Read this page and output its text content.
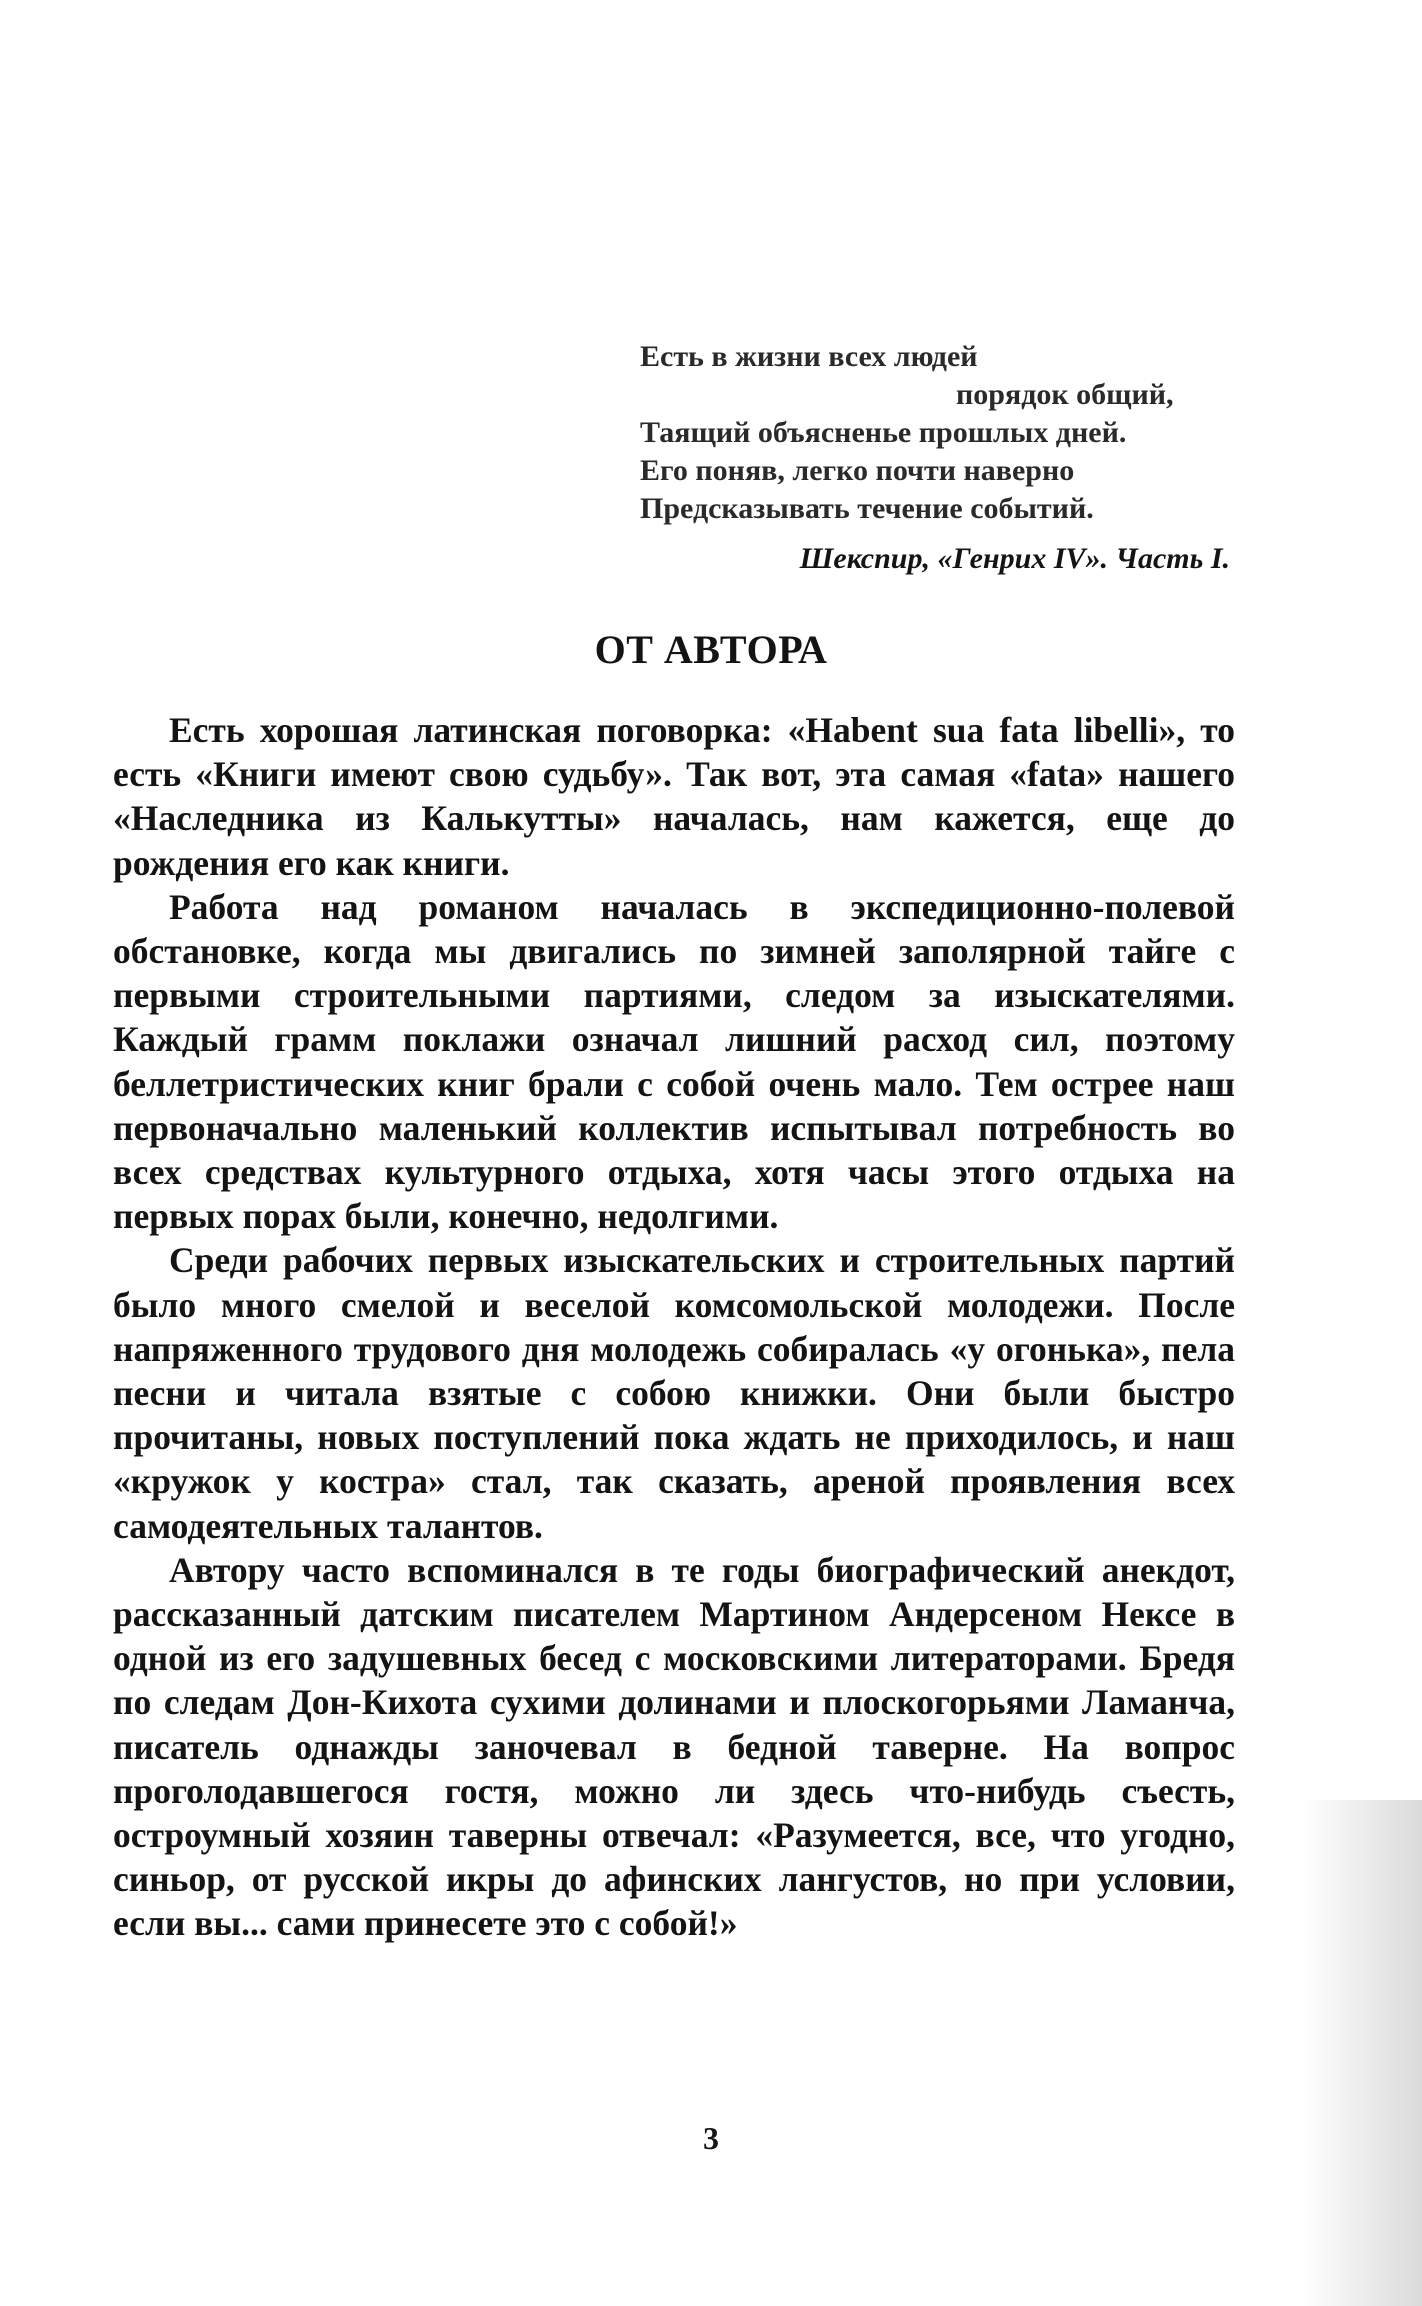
Есть в жизни всех людей
порядок общий,
Таящий объясненье прошлых дней.
Его поняв, легко почти наверно
Предсказывать течение событий.
Шекспир, «Генрих IV». Часть I.
ОТ АВТОРА

Есть хорошая латинская поговорка: «Habent sua fata libelli», то есть «Книги имеют свою судьбу». Так вот, эта самая «fata» нашего «Наследника из Калькутты» началась, нам кажется, еще до рождения его как книги.

Работа над романом началась в экспедиционно-полевой обстановке, когда мы двигались по зимней заполярной тайге с первыми строительными партиями, следом за изыскателями. Каждый грамм поклажи означал лишний расход сил, поэтому беллетристических книг брали с собой очень мало. Тем острее наш первоначально маленький коллектив испытывал потребность во всех средствах культурного отдыха, хотя часы этого отдыха на первых порах были, конечно, недолгими.

Среди рабочих первых изыскательских и строительных партий было много смелой и веселой комсомольской молодежи. После напряженного трудового дня молодежь собиралась «у огонька», пела песни и читала взятые с собою книжки. Они были быстро прочитаны, новых поступлений пока ждать не приходилось, и наш «кружок у костра» стал, так сказать, ареной проявления всех самодеятельных талантов.

Автору часто вспоминался в те годы биографический анекдот, рассказанный датским писателем Мартином Андерсеном Нексе в одной из его задушевных бесед с московскими литераторами. Бредя по следам Дон-Кихота сухими долинами и плоскогорьями Ламанча, писатель однажды заночевал в бедной таверне. На вопрос проголодавшегося гостя, можно ли здесь что-нибудь съесть, остроумный хозяин таверны отвечал: «Разумеется, все, что угодно, синьор, от русской икры до афинских лангустов, но при условии, если вы... сами принесете это с собой!»

3
